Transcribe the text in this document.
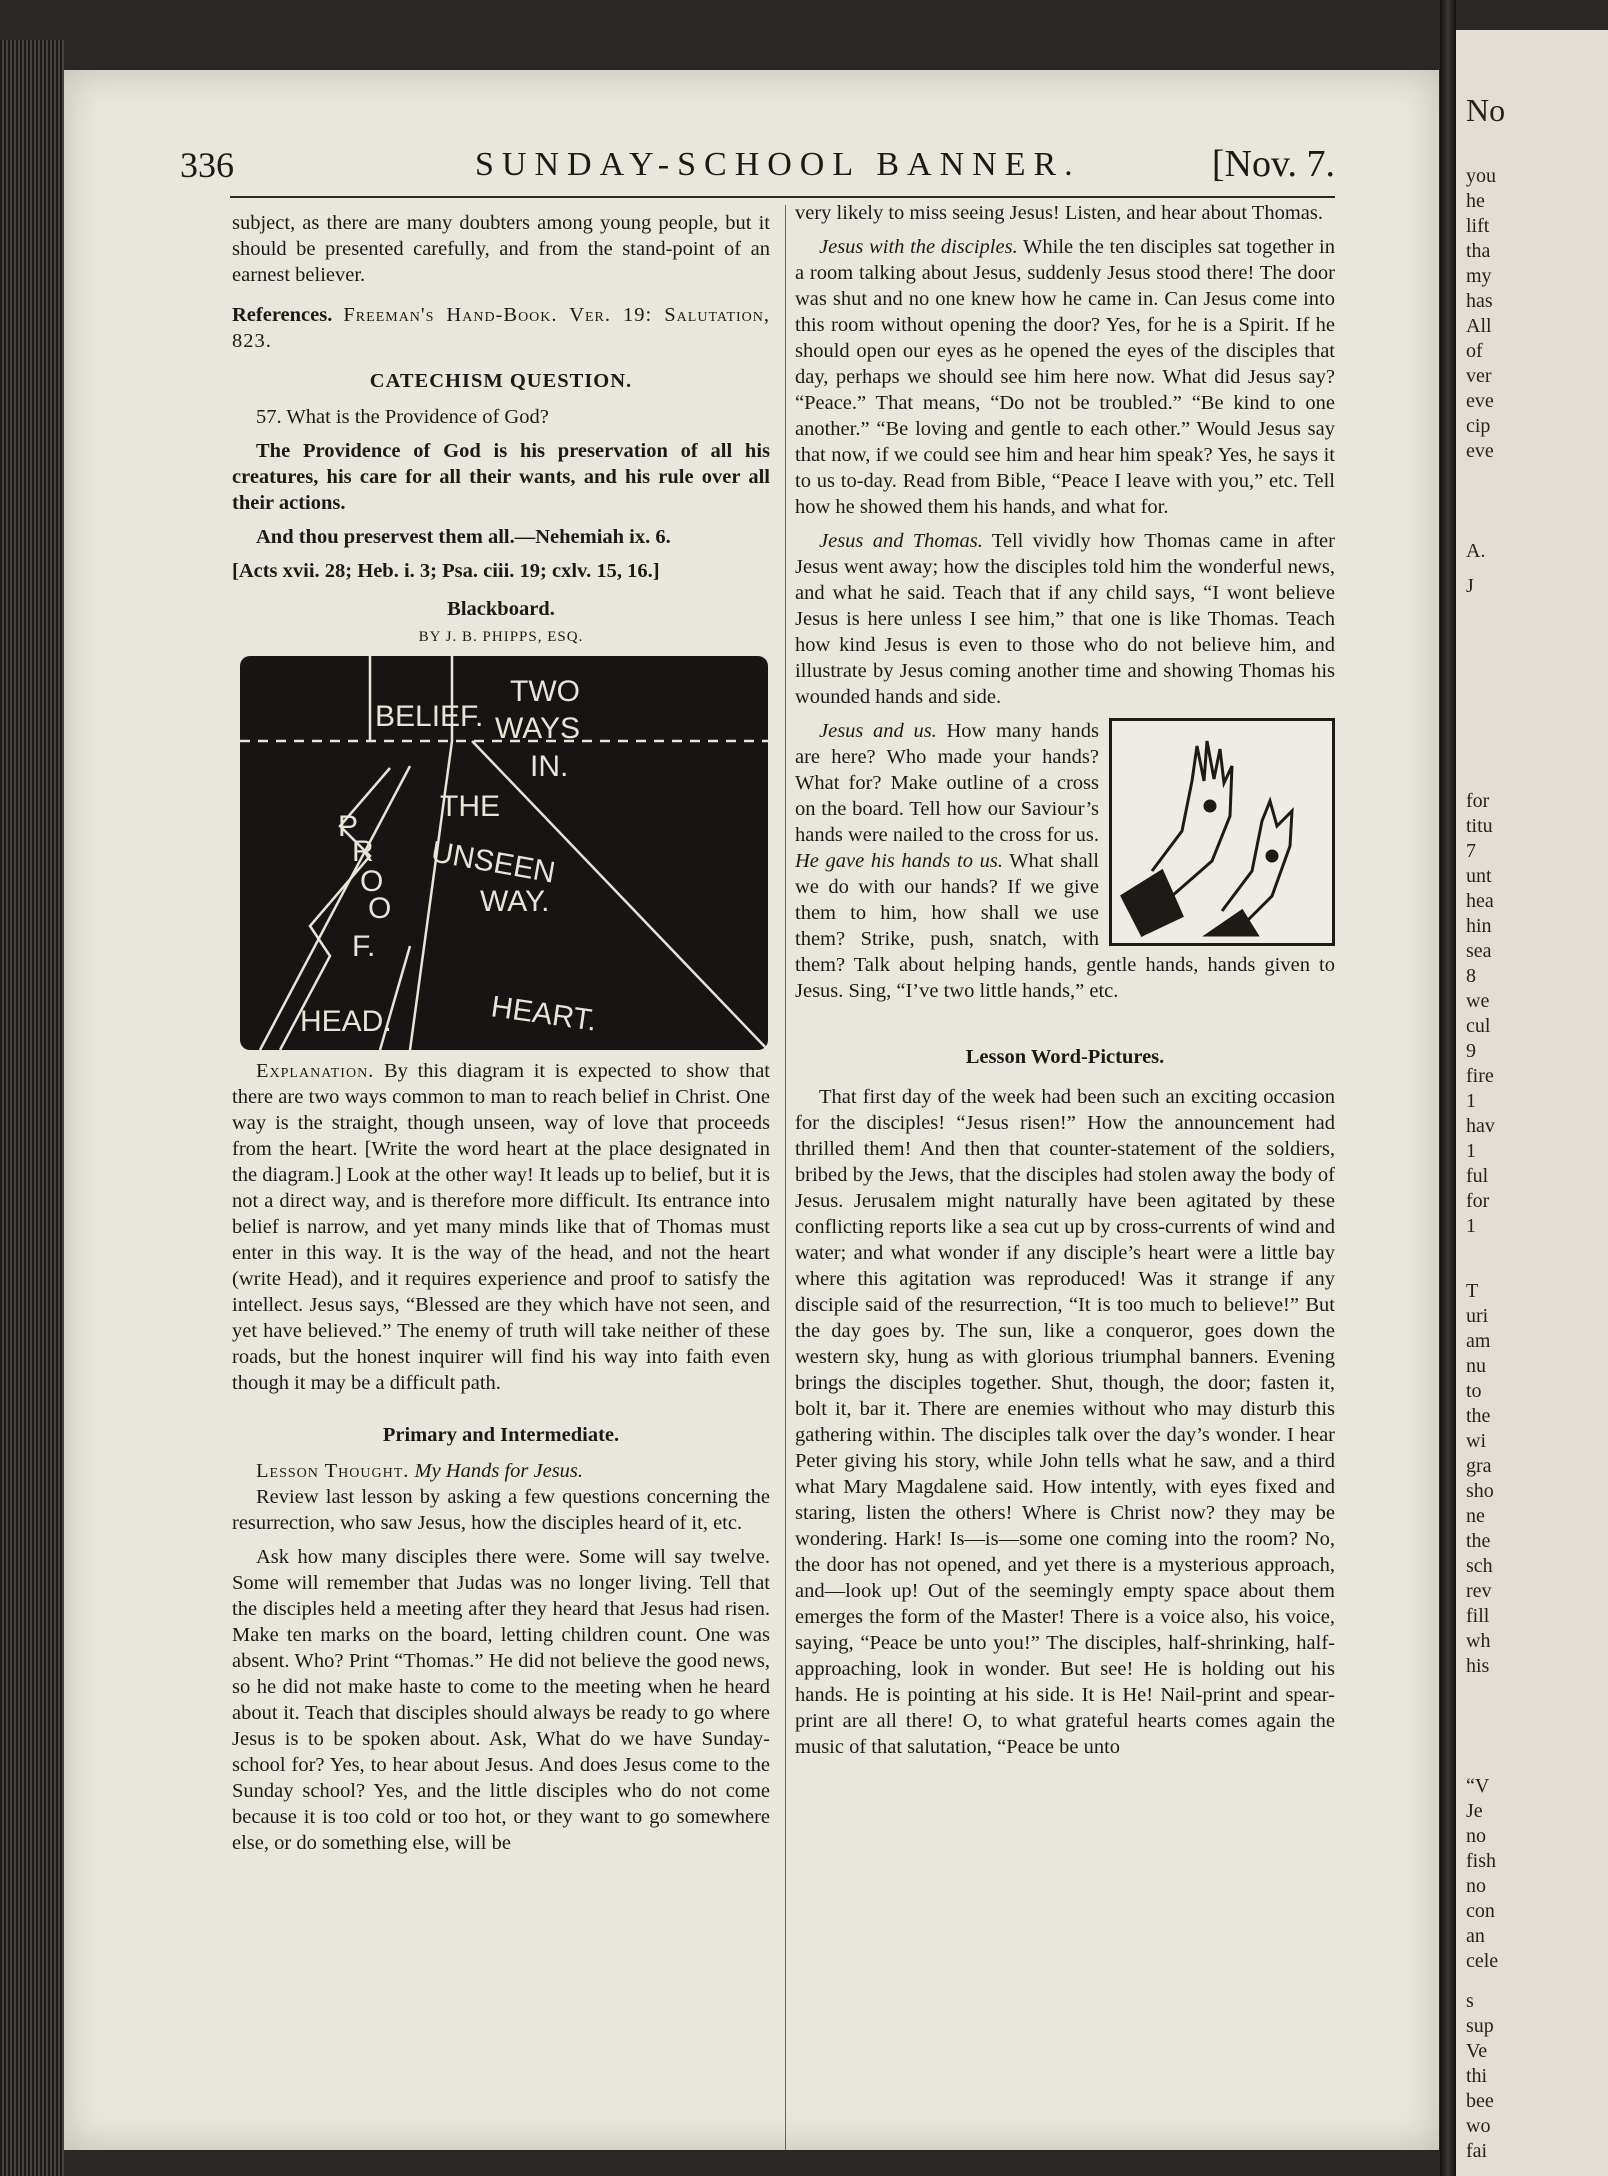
336	SUNDAY-SCHOOL BANNER.	[Nov. 7.

subject, as there are many doubters among young people, but it should be presented carefully, and from the stand-point of an earnest believer.

References. Freeman's Hand-Book. Ver. 19: Salutation, 823.

CATECHISM QUESTION.

57. What is the Providence of God?

The Providence of God is his preservation of all his creatures, his care for all their wants, and his rule over all their actions.

And thou preservest them all.—Nehemiah ix. 6.

[Acts xvii. 28; Heb. i. 3; Psa. ciii. 19; cxlv. 15, 16.]

Blackboard.
BY J. B. PHIPPS, ESQ.
BELIEF.
TWO
WAYS
IN.
THE
UNSEEN
WAY.
P
R
O
O
F.
HEAD.	HEART.

Explanation. By this diagram it is expected to show that there are two ways common to man to reach belief in Christ. One way is the straight, though unseen, way of love that proceeds from the heart. [Write the word heart at the place designated in the diagram.] Look at the other way! It leads up to belief, but it is not a direct way, and is therefore more difficult. Its entrance into belief is narrow, and yet many minds like that of Thomas must enter in this way. It is the way of the head, and not the heart (write Head), and it requires experience and proof to satisfy the intellect. Jesus says, “Blessed are they which have not seen, and yet have believed.” The enemy of truth will take neither of these roads, but the honest inquirer will find his way into faith even though it may be a difficult path.

Primary and Intermediate.

Lesson Thought. My Hands for Jesus.

Review last lesson by asking a few questions concerning the resurrection, who saw Jesus, how the disciples heard of it, etc.

Ask how many disciples there were. Some will say twelve. Some will remember that Judas was no longer living. Tell that the disciples held a meeting after they heard that Jesus had risen. Make ten marks on the board, letting children count. One was absent. Who? Print “Thomas.” He did not believe the good news, so he did not make haste to come to the meeting when he heard about it. Teach that disciples should always be ready to go where Jesus is to be spoken about. Ask, What do we have Sunday-school for? Yes, to hear about Jesus. And does Jesus come to the Sunday school? Yes, and the little disciples who do not come because it is too cold or too hot, or they want to go somewhere else, or do something else, will be

very likely to miss seeing Jesus! Listen, and hear about Thomas.

Jesus with the disciples. While the ten disciples sat together in a room talking about Jesus, suddenly Jesus stood there! The door was shut and no one knew how he came in. Can Jesus come into this room without opening the door? Yes, for he is a Spirit. If he should open our eyes as he opened the eyes of the disciples that day, perhaps we should see him here now. What did Jesus say? “Peace.” That means, “Do not be troubled.” “Be kind to one another.” “Be loving and gentle to each other.” Would Jesus say that now, if we could see him and hear him speak? Yes, he says it to us to-day. Read from Bible, “Peace I leave with you,” etc. Tell how he showed them his hands, and what for.

Jesus and Thomas. Tell vividly how Thomas came in after Jesus went away; how the disciples told him the wonderful news, and what he said. Teach that if any child says, “I wont believe Jesus is here unless I see him,” that one is like Thomas. Teach how kind Jesus is even to those who do not believe him, and illustrate by Jesus coming another time and showing Thomas his wounded hands and side.

Jesus and us. How many hands are here? Who made your hands? What for? Make outline of a cross on the board. Tell how our Saviour’s hands were nailed to the cross for us. He gave his hands to us. What shall we do with our hands? If we give them to him, how shall we use them? Strike, push, snatch, with them? Talk about helping hands, gentle hands, hands given to Jesus. Sing, “I’ve two little hands,” etc.

Lesson Word-Pictures.

That first day of the week had been such an exciting occasion for the disciples! “Jesus risen!” How the announcement had thrilled them! And then that counter-statement of the soldiers, bribed by the Jews, that the disciples had stolen away the body of Jesus. Jerusalem might naturally have been agitated by these conflicting reports like a sea cut up by cross-currents of wind and water; and what wonder if any disciple’s heart were a little bay where this agitation was reproduced! Was it strange if any disciple said of the resurrection, “It is too much to believe!” But the day goes by. The sun, like a conqueror, goes down the western sky, hung as with glorious triumphal banners. Evening brings the disciples together. Shut, though, the door; fasten it, bolt it, bar it. There are enemies without who may disturb this gathering within. The disciples talk over the day’s wonder. I hear Peter giving his story, while John tells what he saw, and a third what Mary Magdalene said. How intently, with eyes fixed and staring, listen the others! Where is Christ now? they may be wondering. Hark! Is—is—some one coming into the room? No, the door has not opened, and yet there is a mysterious approach, and—look up! Out of the seemingly empty space about them emerges the form of the Master! There is a voice also, his voice, saying, “Peace be unto you!” The disciples, half-shrinking, half-approaching, look in wonder. But see! He is holding out his hands. He is pointing at his side. It is He! Nail-print and spear-print are all there! O, to what grateful hearts comes again the music of that salutation, “Peace be unto

No
you
he
lift
tha
my
has
All
of
ver
eve
cip
eve
A.
J
for
titu
7
unt
hea
hin
sea
8
we
cul
9
fire
1
hav
1
ful
for
1
T
uri
am
nu
to
the
wi
gra
sho
ne
the
sch
rev
fill
wh
his
“V
Je
no
fish
no
con
an
cele
s
sup
Ve
thi
bee
wo
fai
